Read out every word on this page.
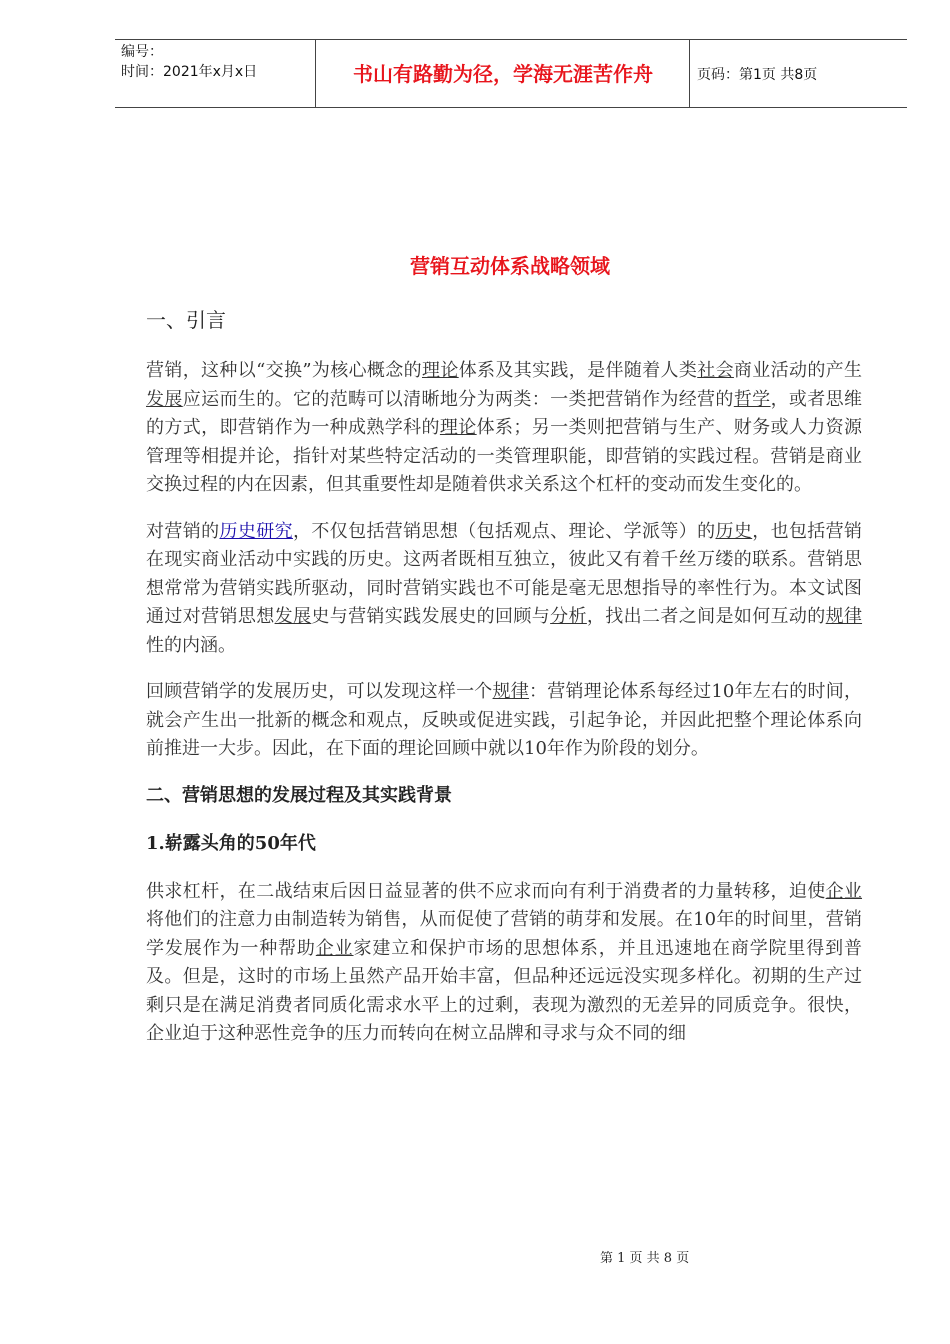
编号：
时间：2021年x月x日	书山有路勤为径，学海无涯苦作舟	页码：第1页 共8页
营销互动体系战略领域
一、引言

营销，这种以“交换”为核心概念的理论体系及其实践，是伴随着人类社会商业活动的产生发展应运而生的。它的范畴可以清晰地分为两类：一类把营销作为经营的哲学，或者思维的方式，即营销作为一种成熟学科的理论体系；另一类则把营销与生产、财务或人力资源管理等相提并论，指针对某些特定活动的一类管理职能，即营销的实践过程。营销是商业交换过程的内在因素，但其重要性却是随着供求关系这个杠杆的变动而发生变化的。

对营销的历史研究，不仅包括营销思想（包括观点、理论、学派等）的历史，也包括营销在现实商业活动中实践的历史。这两者既相互独立，彼此又有着千丝万缕的联系。营销思想常常为营销实践所驱动，同时营销实践也不可能是毫无思想指导的率性行为。本文试图通过对营销思想发展史与营销实践发展史的回顾与分析，找出二者之间是如何互动的规律性的内涵。

回顾营销学的发展历史，可以发现这样一个规律：营销理论体系每经过10年左右的时间，就会产生出一批新的概念和观点，反映或促进实践，引起争论，并因此把整个理论体系向前推进一大步。因此，在下面的理论回顾中就以10年作为阶段的划分。

二、营销思想的发展过程及其实践背景
1.崭露头角的50年代

供求杠杆，在二战结束后因日益显著的供不应求而向有利于消费者的力量转移，迫使企业将他们的注意力由制造转为销售，从而促使了营销的萌芽和发展。在10年的时间里，营销学发展作为一种帮助企业家建立和保护市场的思想体系，并且迅速地在商学院里得到普及。但是，这时的市场上虽然产品开始丰富，但品种还远远没实现多样化。初期的生产过剩只是在满足消费者同质化需求水平上的过剩，表现为激烈的无差异的同质竞争。很快，企业迫于这种恶性竞争的压力而转向在树立品牌和寻求与众不同的细

第 1 页 共 8 页
